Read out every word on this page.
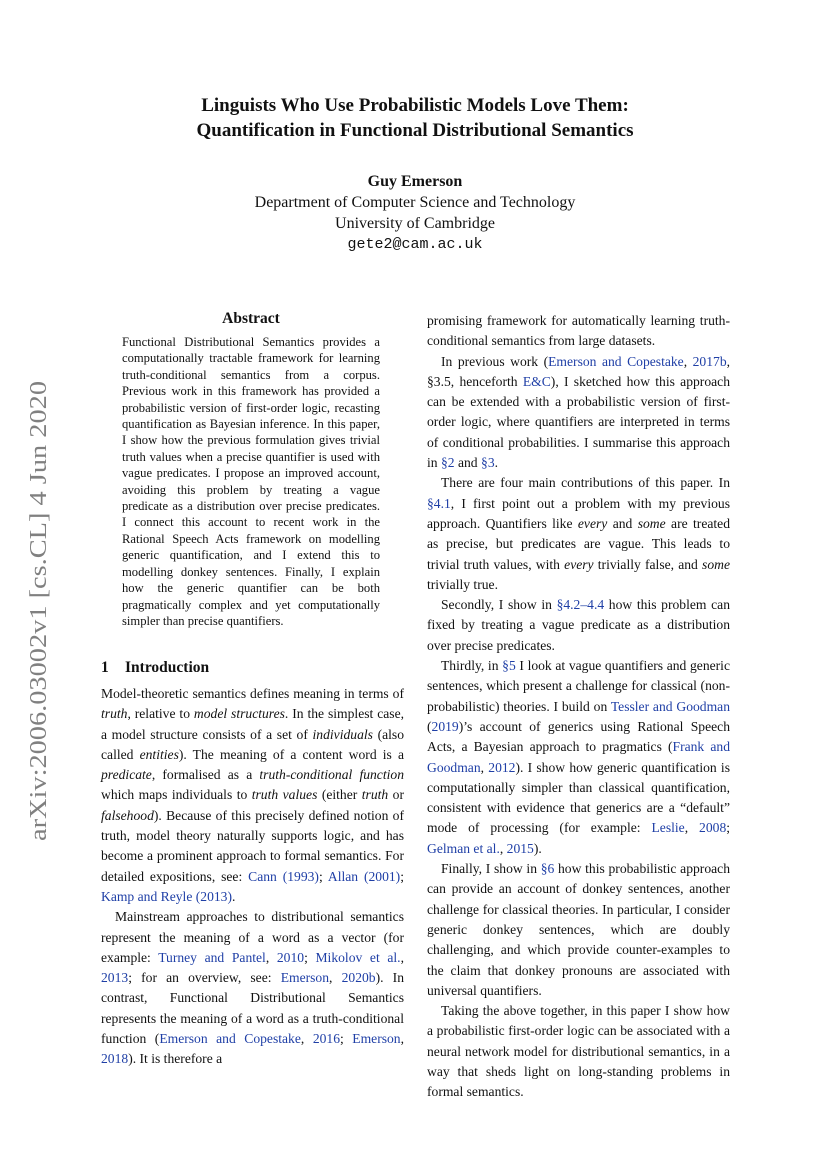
arXiv:2006.03002v1 [cs.CL] 4 Jun 2020
Linguists Who Use Probabilistic Models Love Them:
Quantification in Functional Distributional Semantics
Guy Emerson
Department of Computer Science and Technology
University of Cambridge
gete2@cam.ac.uk
Abstract

Functional Distributional Semantics provides a computationally tractable framework for learning truth-conditional semantics from a corpus. Previous work in this framework has provided a probabilistic version of first-order logic, recasting quantification as Bayesian inference. In this paper, I show how the previous formulation gives trivial truth values when a precise quantifier is used with vague predicates. I propose an improved account, avoiding this problem by treating a vague predicate as a distribution over precise predicates. I connect this account to recent work in the Rational Speech Acts framework on modelling generic quantification, and I extend this to modelling donkey sentences. Finally, I explain how the generic quantifier can be both pragmatically complex and yet computationally simpler than precise quantifiers.

1 Introduction

Model-theoretic semantics defines meaning in terms of truth, relative to model structures. In the simplest case, a model structure consists of a set of individuals (also called entities). The meaning of a content word is a predicate, formalised as a truth-conditional function which maps individuals to truth values (either truth or falsehood). Because of this precisely defined notion of truth, model theory naturally supports logic, and has become a prominent approach to formal semantics. For detailed expositions, see: Cann (1993); Allan (2001); Kamp and Reyle (2013).

Mainstream approaches to distributional semantics represent the meaning of a word as a vector (for example: Turney and Pantel, 2010; Mikolov et al., 2013; for an overview, see: Emerson, 2020b). In contrast, Functional Distributional Semantics represents the meaning of a word as a truth-conditional function (Emerson and Copestake, 2016; Emerson, 2018). It is therefore a

promising framework for automatically learning truth-conditional semantics from large datasets.

In previous work (Emerson and Copestake, 2017b, §3.5, henceforth E&C), I sketched how this approach can be extended with a probabilistic version of first-order logic, where quantifiers are interpreted in terms of conditional probabilities. I summarise this approach in §2 and §3.

There are four main contributions of this paper. In §4.1, I first point out a problem with my previous approach. Quantifiers like every and some are treated as precise, but predicates are vague. This leads to trivial truth values, with every trivially false, and some trivially true.

Secondly, I show in §4.2–4.4 how this problem can fixed by treating a vague predicate as a distribution over precise predicates.

Thirdly, in §5 I look at vague quantifiers and generic sentences, which present a challenge for classical (non-probabilistic) theories. I build on Tessler and Goodman (2019)’s account of generics using Rational Speech Acts, a Bayesian approach to pragmatics (Frank and Goodman, 2012). I show how generic quantification is computationally simpler than classical quantification, consistent with evidence that generics are a “default” mode of processing (for example: Leslie, 2008; Gelman et al., 2015).

Finally, I show in §6 how this probabilistic approach can provide an account of donkey sentences, another challenge for classical theories. In particular, I consider generic donkey sentences, which are doubly challenging, and which provide counter-examples to the claim that donkey pronouns are associated with universal quantifiers.

Taking the above together, in this paper I show how a probabilistic first-order logic can be associated with a neural network model for distributional semantics, in a way that sheds light on long-standing problems in formal semantics.
